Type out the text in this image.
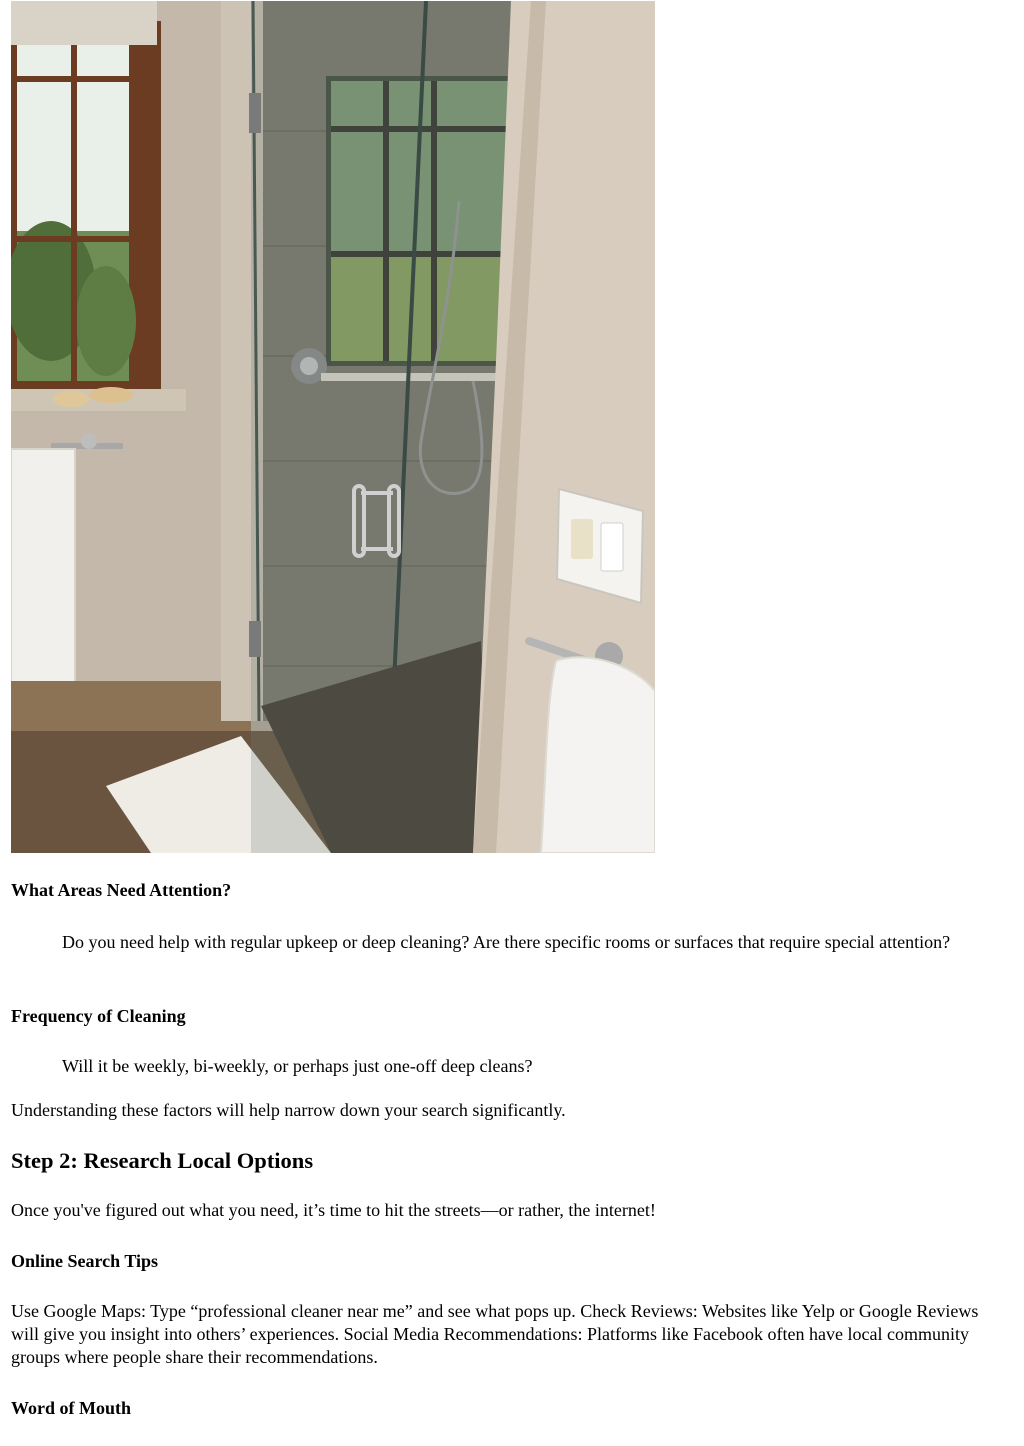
What Areas Need Attention?

Do you need help with regular upkeep or deep cleaning? Are there specific rooms or surfaces that require special attention?

Frequency of Cleaning

Will it be weekly, bi-weekly, or perhaps just one-off deep cleans?

Understanding these factors will help narrow down your search significantly.

Step 2: Research Local Options

Once you've figured out what you need, it’s time to hit the streets—or rather, the internet!

Online Search Tips

Use Google Maps: Type “professional cleaner near me” and see what pops up. Check Reviews: Websites like Yelp or Google Reviews will give you insight into others’ experiences. Social Media Recommendations: Platforms like Facebook often have local community groups where people share their recommendations.

Word of Mouth
